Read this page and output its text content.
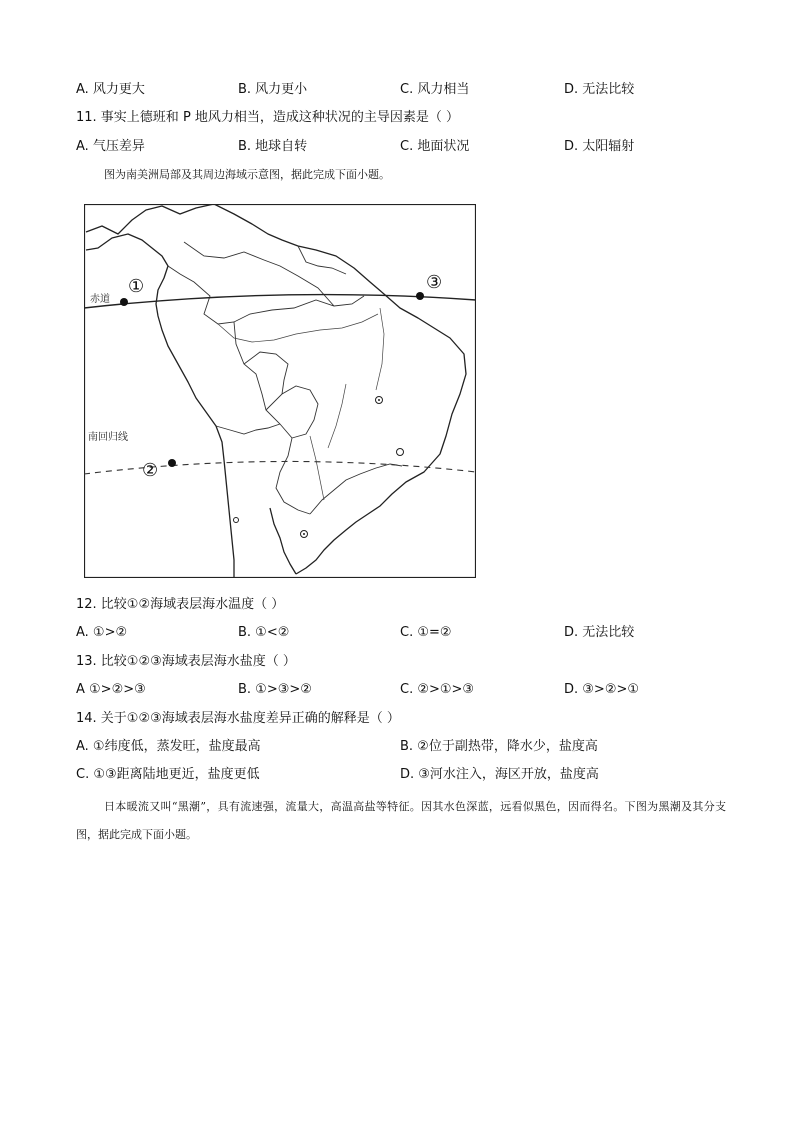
A. 风力更大	B. 风力更小	C. 风力相当	D. 无法比较
11. 事实上德班和 P 地风力相当，造成这种状况的主导因素是（ ）
A. 气压差异	B. 地球自转	C. 地面状况	D. 太阳辐射
图为南美洲局部及其周边海域示意图，据此完成下面小题。
赤道
南回归线
①
②
③
12. 比较①②海域表层海水温度（ ）
A. ①>②	B. ①<②	C. ①=②	D. 无法比较
13. 比较①②③海域表层海水盐度（ ）
A ①>②>③	B. ①>③>②	C. ②>①>③	D. ③>②>①
14. 关于①②③海域表层海水盐度差异正确的解释是（ ）
A. ①纬度低，蒸发旺，盐度最高	B. ②位于副热带，降水少，盐度高
C. ①③距离陆地更近，盐度更低	D. ③河水注入，海区开放，盐度高
日本暖流又叫“黑潮”，具有流速强，流量大，高温高盐等特征。因其水色深蓝，远看似黑色，因而得名。下图为黑潮及其分支图，据此完成下面小题。
